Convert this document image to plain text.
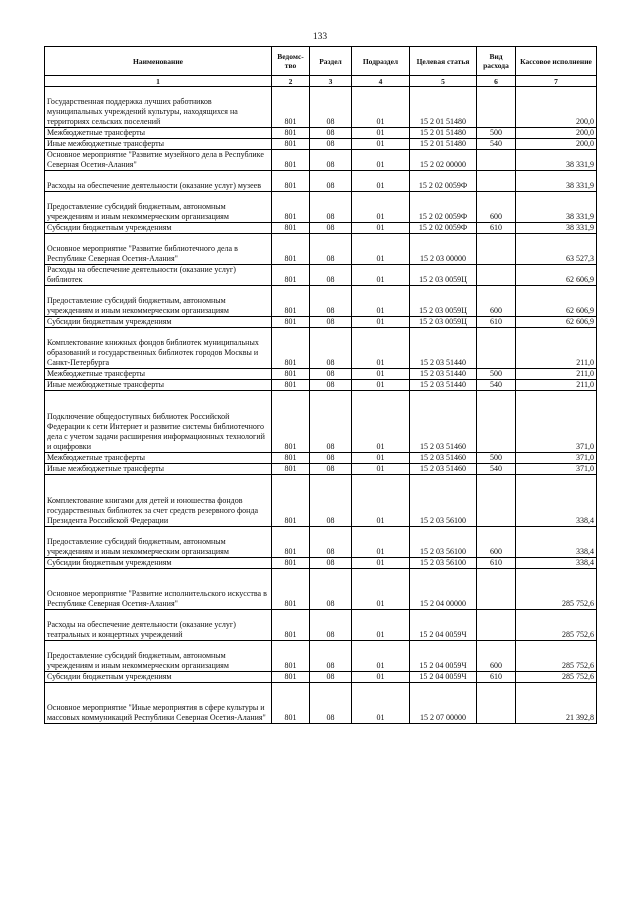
133
Наименование	Ведомс-тво	Раздел	Подраздел	Целевая статья	Вид расхода	Кассовое исполнение
1	2	3	4	5	6	7
Государственная поддержка лучших работников муниципальных учреждений культуры, находящихся на территориях сельских поселений	801	08	01	15 2 01 51480		200,0
Межбюджетные трансферты	801	08	01	15 2 01 51480	500	200,0
Иные межбюджетные трансферты	801	08	01	15 2 01 51480	540	200,0
Основное мероприятие "Развитие музейного дела в Республике Северная Осетия-Алания"	801	08	01	15 2 02 00000		38 331,9
Расходы на обеспечение деятельности (оказание услуг) музеев	801	08	01	15 2 02 0059Ф		38 331,9
Предоставление субсидий бюджетным, автономным учреждениям и иным некоммерческим организациям	801	08	01	15 2 02 0059Ф	600	38 331,9
Субсидии бюджетным учреждениям	801	08	01	15 2 02 0059Ф	610	38 331,9
Основное мероприятие "Развитие библиотечного дела в Республике Северная Осетия-Алания"	801	08	01	15 2 03 00000		63 527,3
Расходы на обеспечение деятельности (оказание услуг) библиотек	801	08	01	15 2 03 0059Ц		62 606,9
Предоставление субсидий бюджетным, автономным учреждениям и иным некоммерческим организациям	801	08	01	15 2 03 0059Ц	600	62 606,9
Субсидии бюджетным учреждениям	801	08	01	15 2 03 0059Ц	610	62 606,9
Комплектование книжных фондов библиотек муниципальных образований и государственных библиотек городов Москвы и Санкт-Петербурга	801	08	01	15 2 03 51440		211,0
Межбюджетные трансферты	801	08	01	15 2 03 51440	500	211,0
Иные межбюджетные трансферты	801	08	01	15 2 03 51440	540	211,0
Подключение общедоступных библиотек Российской Федерации к сети Интернет и развитие системы библиотечного дела с учетом задачи расширения информационных технологий и оцифровки	801	08	01	15 2 03 51460		371,0
Межбюджетные трансферты	801	08	01	15 2 03 51460	500	371,0
Иные межбюджетные трансферты	801	08	01	15 2 03 51460	540	371,0
Комплектование книгами для детей и юношества фондов государственных библиотек за счет средств резервного фонда Президента Российской Федерации	801	08	01	15 2 03 56100		338,4
Предоставление субсидий бюджетным, автономным учреждениям и иным некоммерческим организациям	801	08	01	15 2 03 56100	600	338,4
Субсидии бюджетным учреждениям	801	08	01	15 2 03 56100	610	338,4
Основное мероприятие "Развитие исполнительского искусства в Республике Северная Осетия-Алания"	801	08	01	15 2 04 00000		285 752,6
Расходы на обеспечение деятельности (оказание услуг) театральных и концертных учреждений	801	08	01	15 2 04 0059Ч		285 752,6
Предоставление субсидий бюджетным, автономным учреждениям и иным некоммерческим организациям	801	08	01	15 2 04 0059Ч	600	285 752,6
Субсидии бюджетным учреждениям	801	08	01	15 2 04 0059Ч	610	285 752,6
Основное мероприятие "Иные мероприятия в сфере культуры и массовых коммуникаций Республики Северная Осетия-Алания"	801	08	01	15 2 07 00000		21 392,8
